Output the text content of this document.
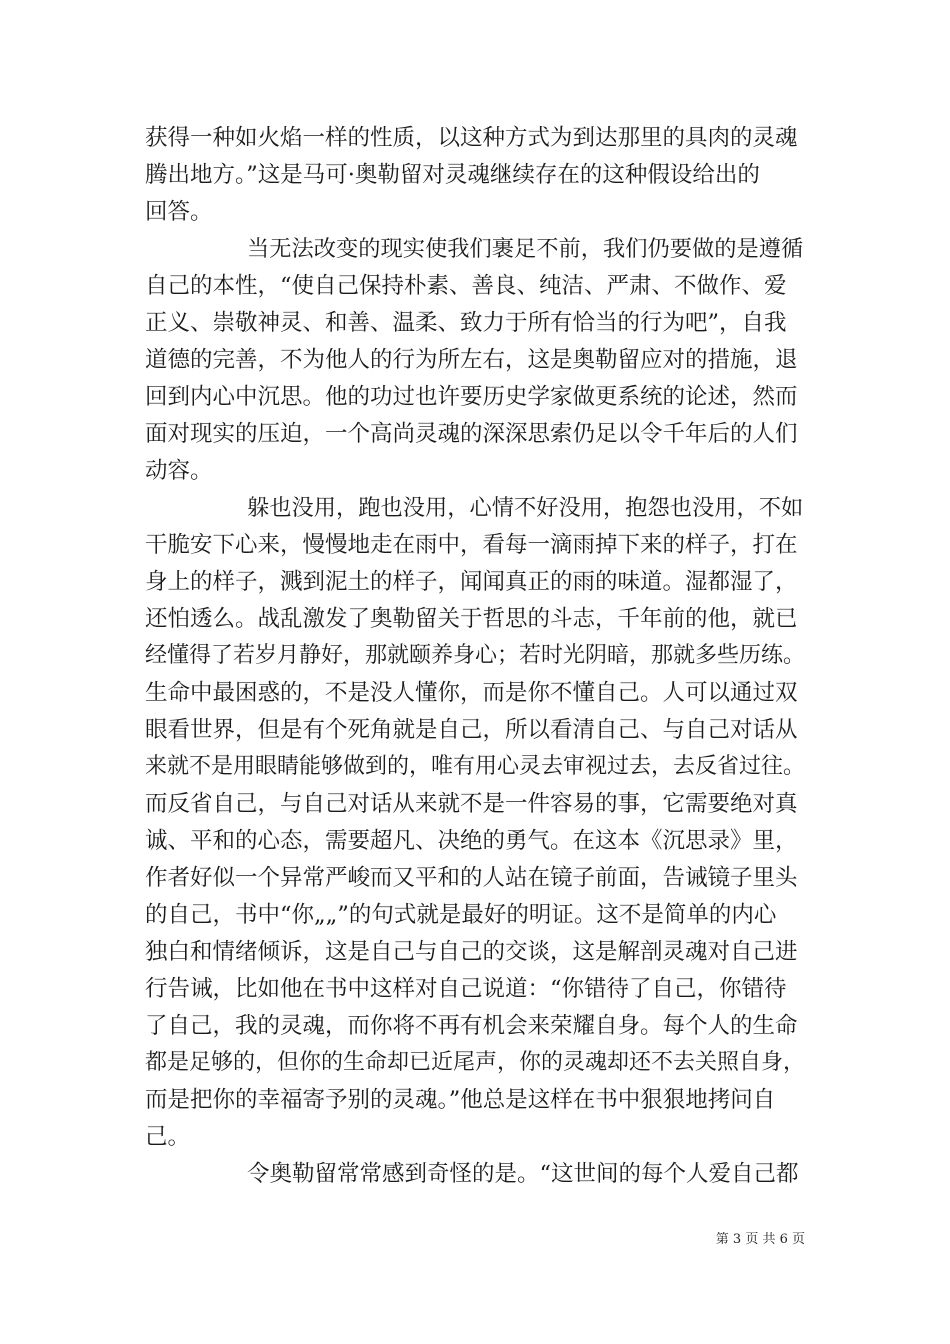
获得一种如火焰一样的性质，以这种方式为到达那里的具肉的灵魂
腾出地方。”这是马可·奥勒留对灵魂继续存在的这种假设给出的
回答。
当无法改变的现实使我们裹足不前，我们仍要做的是遵循
自己的本性，“使自己保持朴素、善良、纯洁、严肃、不做作、爱
正义、崇敬神灵、和善、温柔、致力于所有恰当的行为吧”，自我
道德的完善，不为他人的行为所左右，这是奥勒留应对的措施，退
回到内心中沉思。他的功过也许要历史学家做更系统的论述，然而
面对现实的压迫，一个高尚灵魂的深深思索仍足以令千年后的人们
动容。
躲也没用，跑也没用，心情不好没用，抱怨也没用，不如
干脆安下心来，慢慢地走在雨中，看每一滴雨掉下来的样子，打在
身上的样子，溅到泥土的样子，闻闻真正的雨的味道。湿都湿了，
还怕透么。战乱激发了奥勒留关于哲思的斗志，千年前的他，就已
经懂得了若岁月静好，那就颐养身心；若时光阴暗，那就多些历练。
生命中最困惑的，不是没人懂你，而是你不懂自己。人可以通过双
眼看世界，但是有个死角就是自己，所以看清自己、与自己对话从
来就不是用眼睛能够做到的，唯有用心灵去审视过去，去反省过往。
而反省自己，与自己对话从来就不是一件容易的事，它需要绝对真
诚、平和的心态，需要超凡、决绝的勇气。在这本《沉思录》里，
作者好似一个异常严峻而又平和的人站在镜子前面，告诫镜子里头
的自己，书中“你„„”的句式就是最好的明证。这不是简单的内心
独白和情绪倾诉，这是自己与自己的交谈，这是解剖灵魂对自己进
行告诫，比如他在书中这样对自己说道：“你错待了自己，你错待
了自己，我的灵魂，而你将不再有机会来荣耀自身。每个人的生命
都是足够的，但你的生命却已近尾声，你的灵魂却还不去关照自身，
而是把你的幸福寄予别的灵魂。”他总是这样在书中狠狠地拷问自
己。
令奥勒留常常感到奇怪的是。“这世间的每个人爱自己都
第 3 页 共 6 页
